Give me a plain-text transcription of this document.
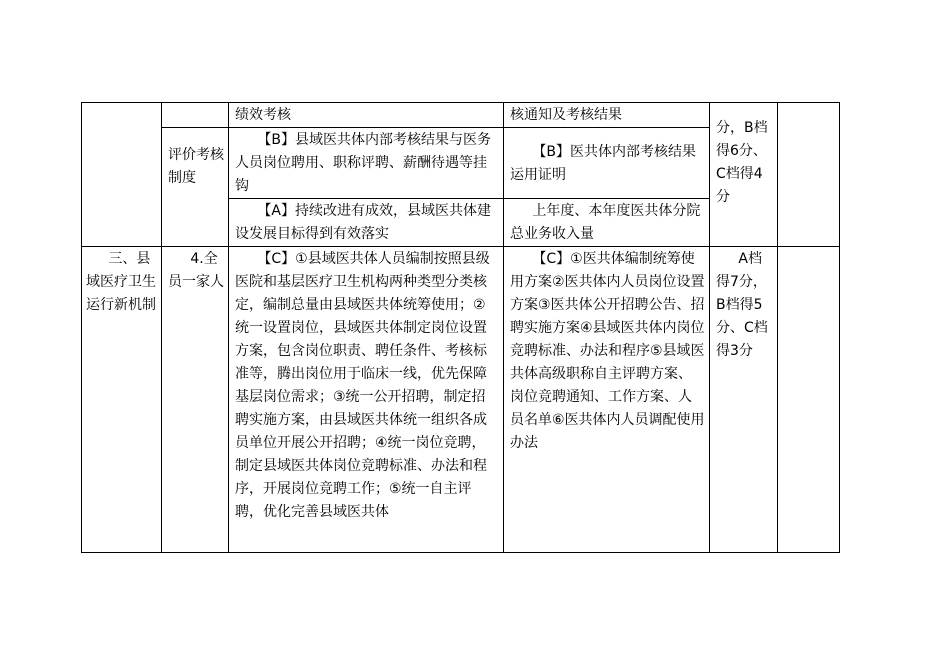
		绩效考核	核通知及考核结果	分，B档得6分、C档得4分	

	评价考核制度	【B】县域医共体内部考核结果与医务人员岗位聘用、职称评聘、薪酬待遇等挂钩	【B】医共体内部考核结果运用证明		
		【A】持续改进有成效，县域医共体建设发展目标得到有效落实	上年度、本年度医共体分院总业务收入量		
三、县域医疗卫生运行新机制	4.全员一家人	【C】①县域医共体人员编制按照县级医院和基层医疗卫生机构两种类型分类核定，编制总量由县域医共体统筹使用；②统一设置岗位，县域医共体制定岗位设置方案，包含岗位职责、聘任条件、考核标准等，腾出岗位用于临床一线，优先保障基层岗位需求；③统一公开招聘，制定招聘实施方案，由县域医共体统一组织各成员单位开展公开招聘；④统一岗位竞聘，制定县域医共体岗位竞聘标准、办法和程序，开展岗位竞聘工作；⑤统一自主评聘，优化完善县域医共体	【C】①医共体编制统筹使用方案②医共体内人员岗位设置方案③医共体公开招聘公告、招聘实施方案④县域医共体内岗位竞聘标准、办法和程序⑤县域医共体高级职称自主评聘方案、岗位竞聘通知、工作方案、人员名单⑥医共体内人员调配使用办法	A档得7分，B档得5分、C档得3分	
